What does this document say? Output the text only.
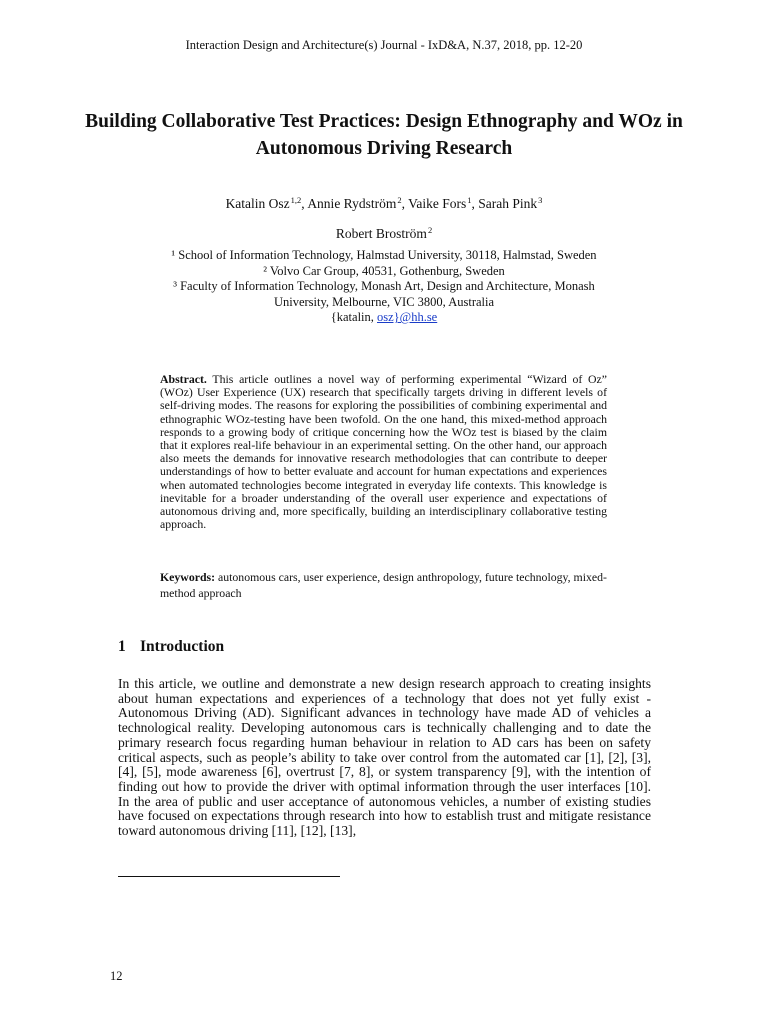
Interaction Design and Architecture(s) Journal - IxD&A, N.37, 2018, pp. 12-20
Building Collaborative Test Practices: Design Ethnography and WOz in Autonomous Driving Research
Katalin Osz$^{1,2}$, Annie Rydström$^2$, Vaike Fors$^1$, Sarah Pink$^3$
Robert Broström$^2$
¹ School of Information Technology, Halmstad University, 30118, Halmstad, Sweden
² Volvo Car Group, 40531, Gothenburg, Sweden
³ Faculty of Information Technology, Monash Art, Design and Architecture, Monash
University, Melbourne, VIC 3800, Australia
{katalin, osz}@hh.se

Abstract. This article outlines a novel way of performing experimental “Wizard of Oz” (WOz) User Experience (UX) research that specifically targets driving in different levels of self-driving modes. The reasons for exploring the possibilities of combining experimental and ethnographic WOz-testing have been twofold. On the one hand, this mixed-method approach responds to a growing body of critique concerning how the WOz test is biased by the claim that it explores real-life behaviour in an experimental setting. On the other hand, our approach also meets the demands for innovative research methodologies that can contribute to deeper understandings of how to better evaluate and account for human expectations and experiences when automated technologies become integrated in everyday life contexts. This knowledge is inevitable for a broader understanding of the overall user experience and expectations of autonomous driving and, more specifically, building an interdisciplinary collaborative testing approach.

Keywords: autonomous cars, user experience, design anthropology, future technology, mixed-method approach

1 Introduction

In this article, we outline and demonstrate a new design research approach to creating insights about human expectations and experiences of a technology that does not yet fully exist - Autonomous Driving (AD). Significant advances in technology have made AD of vehicles a technological reality. Developing autonomous cars is technically challenging and to date the primary research focus regarding human behaviour in relation to AD cars has been on safety critical aspects, such as people’s ability to take over control from the automated car [1], [2], [3], [4], [5], mode awareness [6], overtrust [7, 8], or system transparency [9], with the intention of finding out how to provide the driver with optimal information through the user interfaces [10]. In the area of public and user acceptance of autonomous vehicles, a number of existing studies have focused on expectations through research into how to establish trust and mitigate resistance toward autonomous driving [11], [12], [13],

12
